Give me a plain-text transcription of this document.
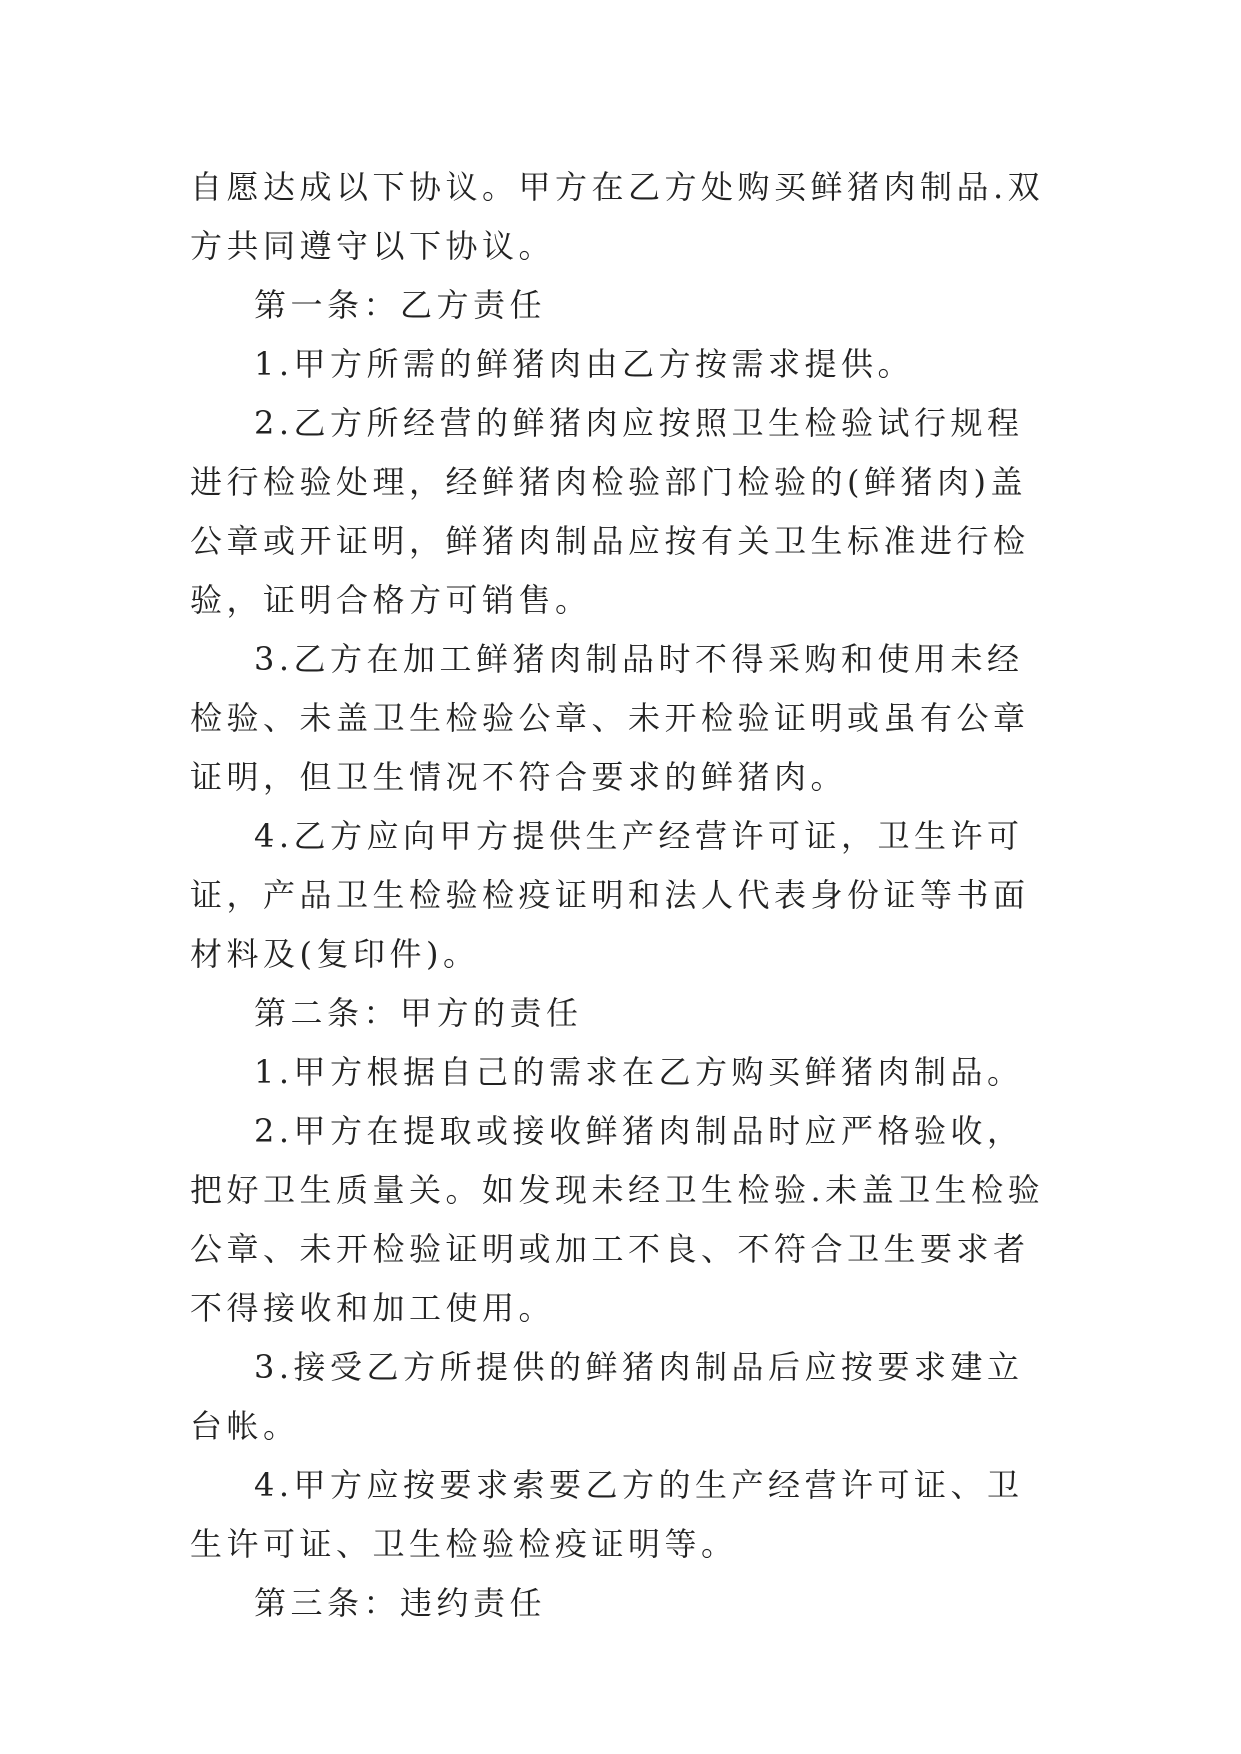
自愿达成以下协议。甲方在乙方处购买鲜猪肉制品.双方共同遵守以下协议。

第一条：乙方责任

1.甲方所需的鲜猪肉由乙方按需求提供。

2.乙方所经营的鲜猪肉应按照卫生检验试行规程进行检验处理，经鲜猪肉检验部门检验的(鲜猪肉)盖公章或开证明，鲜猪肉制品应按有关卫生标准进行检验，证明合格方可销售。

3.乙方在加工鲜猪肉制品时不得采购和使用未经检验、未盖卫生检验公章、未开检验证明或虽有公章证明，但卫生情况不符合要求的鲜猪肉。

4.乙方应向甲方提供生产经营许可证，卫生许可证，产品卫生检验检疫证明和法人代表身份证等书面材料及(复印件)。

第二条：甲方的责任

1.甲方根据自己的需求在乙方购买鲜猪肉制品。

2.甲方在提取或接收鲜猪肉制品时应严格验收，把好卫生质量关。如发现未经卫生检验.未盖卫生检验公章、未开检验证明或加工不良、不符合卫生要求者不得接收和加工使用。

3.接受乙方所提供的鲜猪肉制品后应按要求建立台帐。

4.甲方应按要求索要乙方的生产经营许可证、卫生许可证、卫生检验检疫证明等。

第三条：违约责任
